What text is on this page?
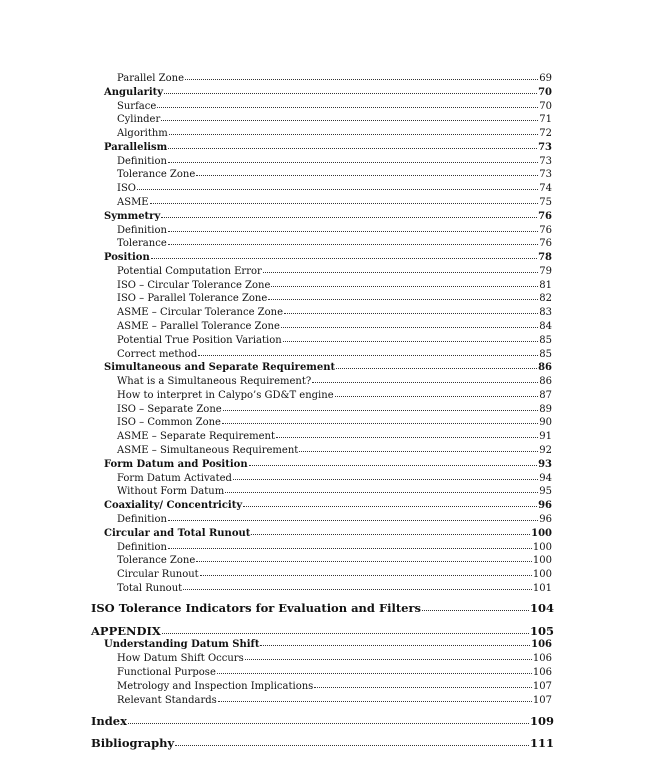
Parallel Zone	69
Angularity	70
Surface	70
Cylinder	71
Algorithm	72
Parallelism	73
Definition	73
Tolerance Zone	73
ISO	74
ASME	75
Symmetry	76
Definition	76
Tolerance	76
Position	78
Potential Computation Error	79
ISO – Circular Tolerance Zone	81
ISO – Parallel Tolerance Zone	82
ASME – Circular Tolerance Zone	83
ASME – Parallel Tolerance Zone	84
Potential True Position Variation	85
Correct method	85
Simultaneous and Separate Requirement	86
What is a Simultaneous Requirement?	86
How to interpret in Calypo’s GD&T engine	87
ISO – Separate Zone	89
ISO – Common Zone	90
ASME – Separate Requirement	91
ASME – Simultaneous Requirement	92
Form Datum and Position	93
Form Datum Activated	94
Without Form Datum	95
Coaxiality/ Concentricity	96
Definition	96
Circular and Total Runout	100
Definition	100
Tolerance Zone	100
Circular Runout	100
Total Runout	101
ISO Tolerance Indicators for Evaluation and Filters	104
APPENDIX	105
Understanding Datum Shift	106
How Datum Shift Occurs	106
Functional Purpose	106
Metrology and Inspection Implications	107
Relevant Standards	107
Index	109
Bibliography	111
